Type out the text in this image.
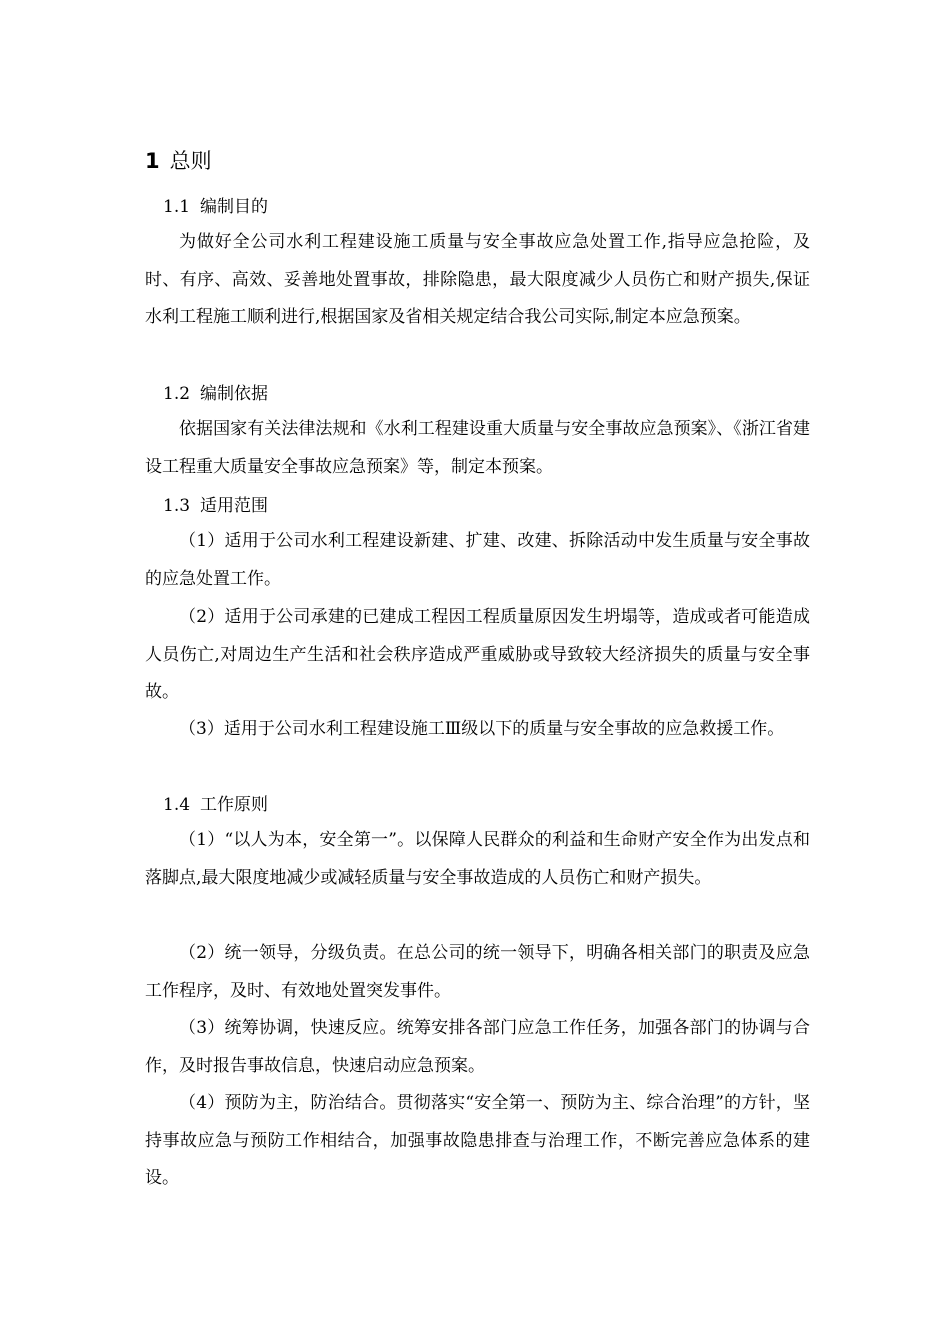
1 总则
1.1 编制目的

为做好全公司水利工程建设施工质量与安全事故应急处置工作,指导应急抢险，及时、有序、高效、妥善地处置事故，排除隐患，最大限度减少人员伤亡和财产损失,保证水利工程施工顺利进行,根据国家及省相关规定结合我公司实际,制定本应急预案。

1.2 编制依据

依据国家有关法律法规和《水利工程建设重大质量与安全事故应急预案》、《浙江省建设工程重大质量安全事故应急预案》等，制定本预案。

1.3 适用范围

（1）适用于公司水利工程建设新建、扩建、改建、拆除活动中发生质量与安全事故的应急处置工作。

（2）适用于公司承建的已建成工程因工程质量原因发生坍塌等，造成或者可能造成人员伤亡,对周边生产生活和社会秩序造成严重威胁或导致较大经济损失的质量与安全事故。

（3）适用于公司水利工程建设施工Ⅲ级以下的质量与安全事故的应急救援工作。

1.4 工作原则

（1）“以人为本，安全第一”。以保障人民群众的利益和生命财产安全作为出发点和落脚点,最大限度地减少或减轻质量与安全事故造成的人员伤亡和财产损失。

（2）统一领导，分级负责。在总公司的统一领导下，明确各相关部门的职责及应急工作程序，及时、有效地处置突发事件。

（3）统筹协调，快速反应。统筹安排各部门应急工作任务，加强各部门的协调与合作，及时报告事故信息，快速启动应急预案。

（4）预防为主，防治结合。贯彻落实“安全第一、预防为主、综合治理”的方针，坚持事故应急与预防工作相结合，加强事故隐患排查与治理工作，不断完善应急体系的建设。
